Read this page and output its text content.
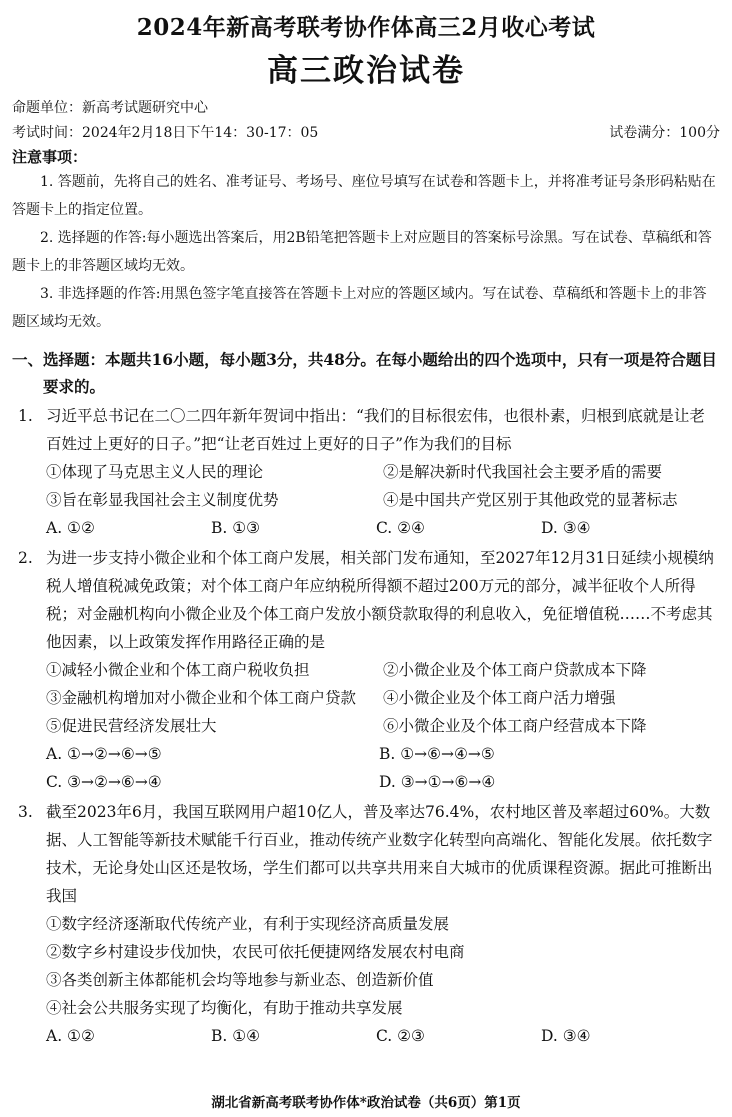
2024年新高考联考协作体高三2月收心考试
高三政治试卷
命题单位：新高考试题研究中心
考试时间：2024年2月18日下午14：30-17：05	试卷满分：100分
注意事项：

1. 答题前，先将自己的姓名、准考证号、考场号、座位号填写在试卷和答题卡上，并将准考证号条形码粘贴在答题卡上的指定位置。

2. 选择题的作答:每小题选出答案后，用2B铅笔把答题卡上对应题目的答案标号涂黑。写在试卷、草稿纸和答题卡上的非答题区域均无效。

3. 非选择题的作答:用黑色签字笔直接答在答题卡上对应的答题区域内。写在试卷、草稿纸和答题卡上的非答题区域均无效。

一、选择题：本题共16小题，每小题3分，共48分。在每小题给出的四个选项中，只有一项是符合题目要求的。
1. 习近平总书记在二〇二四年新年贺词中指出：“我们的目标很宏伟，也很朴素，归根到底就是让老百姓过上更好的日子。”把“让老百姓过上更好的日子”作为我们的目标
①体现了马克思主义人民的理论	②是解决新时代我国社会主要矛盾的需要
③旨在彰显我国社会主义制度优势	④是中国共产党区别于其他政党的显著标志
A. ①②	B. ①③	C. ②④	D. ③④
2. 为进一步支持小微企业和个体工商户发展，相关部门发布通知，至2027年12月31日延续小规模纳税人增值税减免政策；对个体工商户年应纳税所得额不超过200万元的部分，减半征收个人所得税；对金融机构向小微企业及个体工商户发放小额贷款取得的利息收入，免征增值税……不考虑其他因素，以上政策发挥作用路径正确的是
①减轻小微企业和个体工商户税收负担	②小微企业及个体工商户贷款成本下降
③金融机构增加对小微企业和个体工商户贷款	④小微企业及个体工商户活力增强
⑤促进民营经济发展壮大	⑥小微企业及个体工商户经营成本下降
A. ①→②→⑥→⑤	B. ①→⑥→④→⑤
C. ③→②→⑥→④	D. ③→①→⑥→④
3. 截至2023年6月，我国互联网用户超10亿人，普及率达76.4%，农村地区普及率超过60%。大数据、人工智能等新技术赋能千行百业，推动传统产业数字化转型向高端化、智能化发展。依托数字技术，无论身处山区还是牧场，学生们都可以共享共用来自大城市的优质课程资源。据此可推断出我国
①数字经济逐渐取代传统产业，有利于实现经济高质量发展
②数字乡村建设步伐加快，农民可依托便捷网络发展农村电商
③各类创新主体都能机会均等地参与新业态、创造新价值
④社会公共服务实现了均衡化，有助于推动共享发展
A. ①②	B. ①④	C. ②③	D. ③④
湖北省新高考联考协作体*政治试卷（共6页）第1页
